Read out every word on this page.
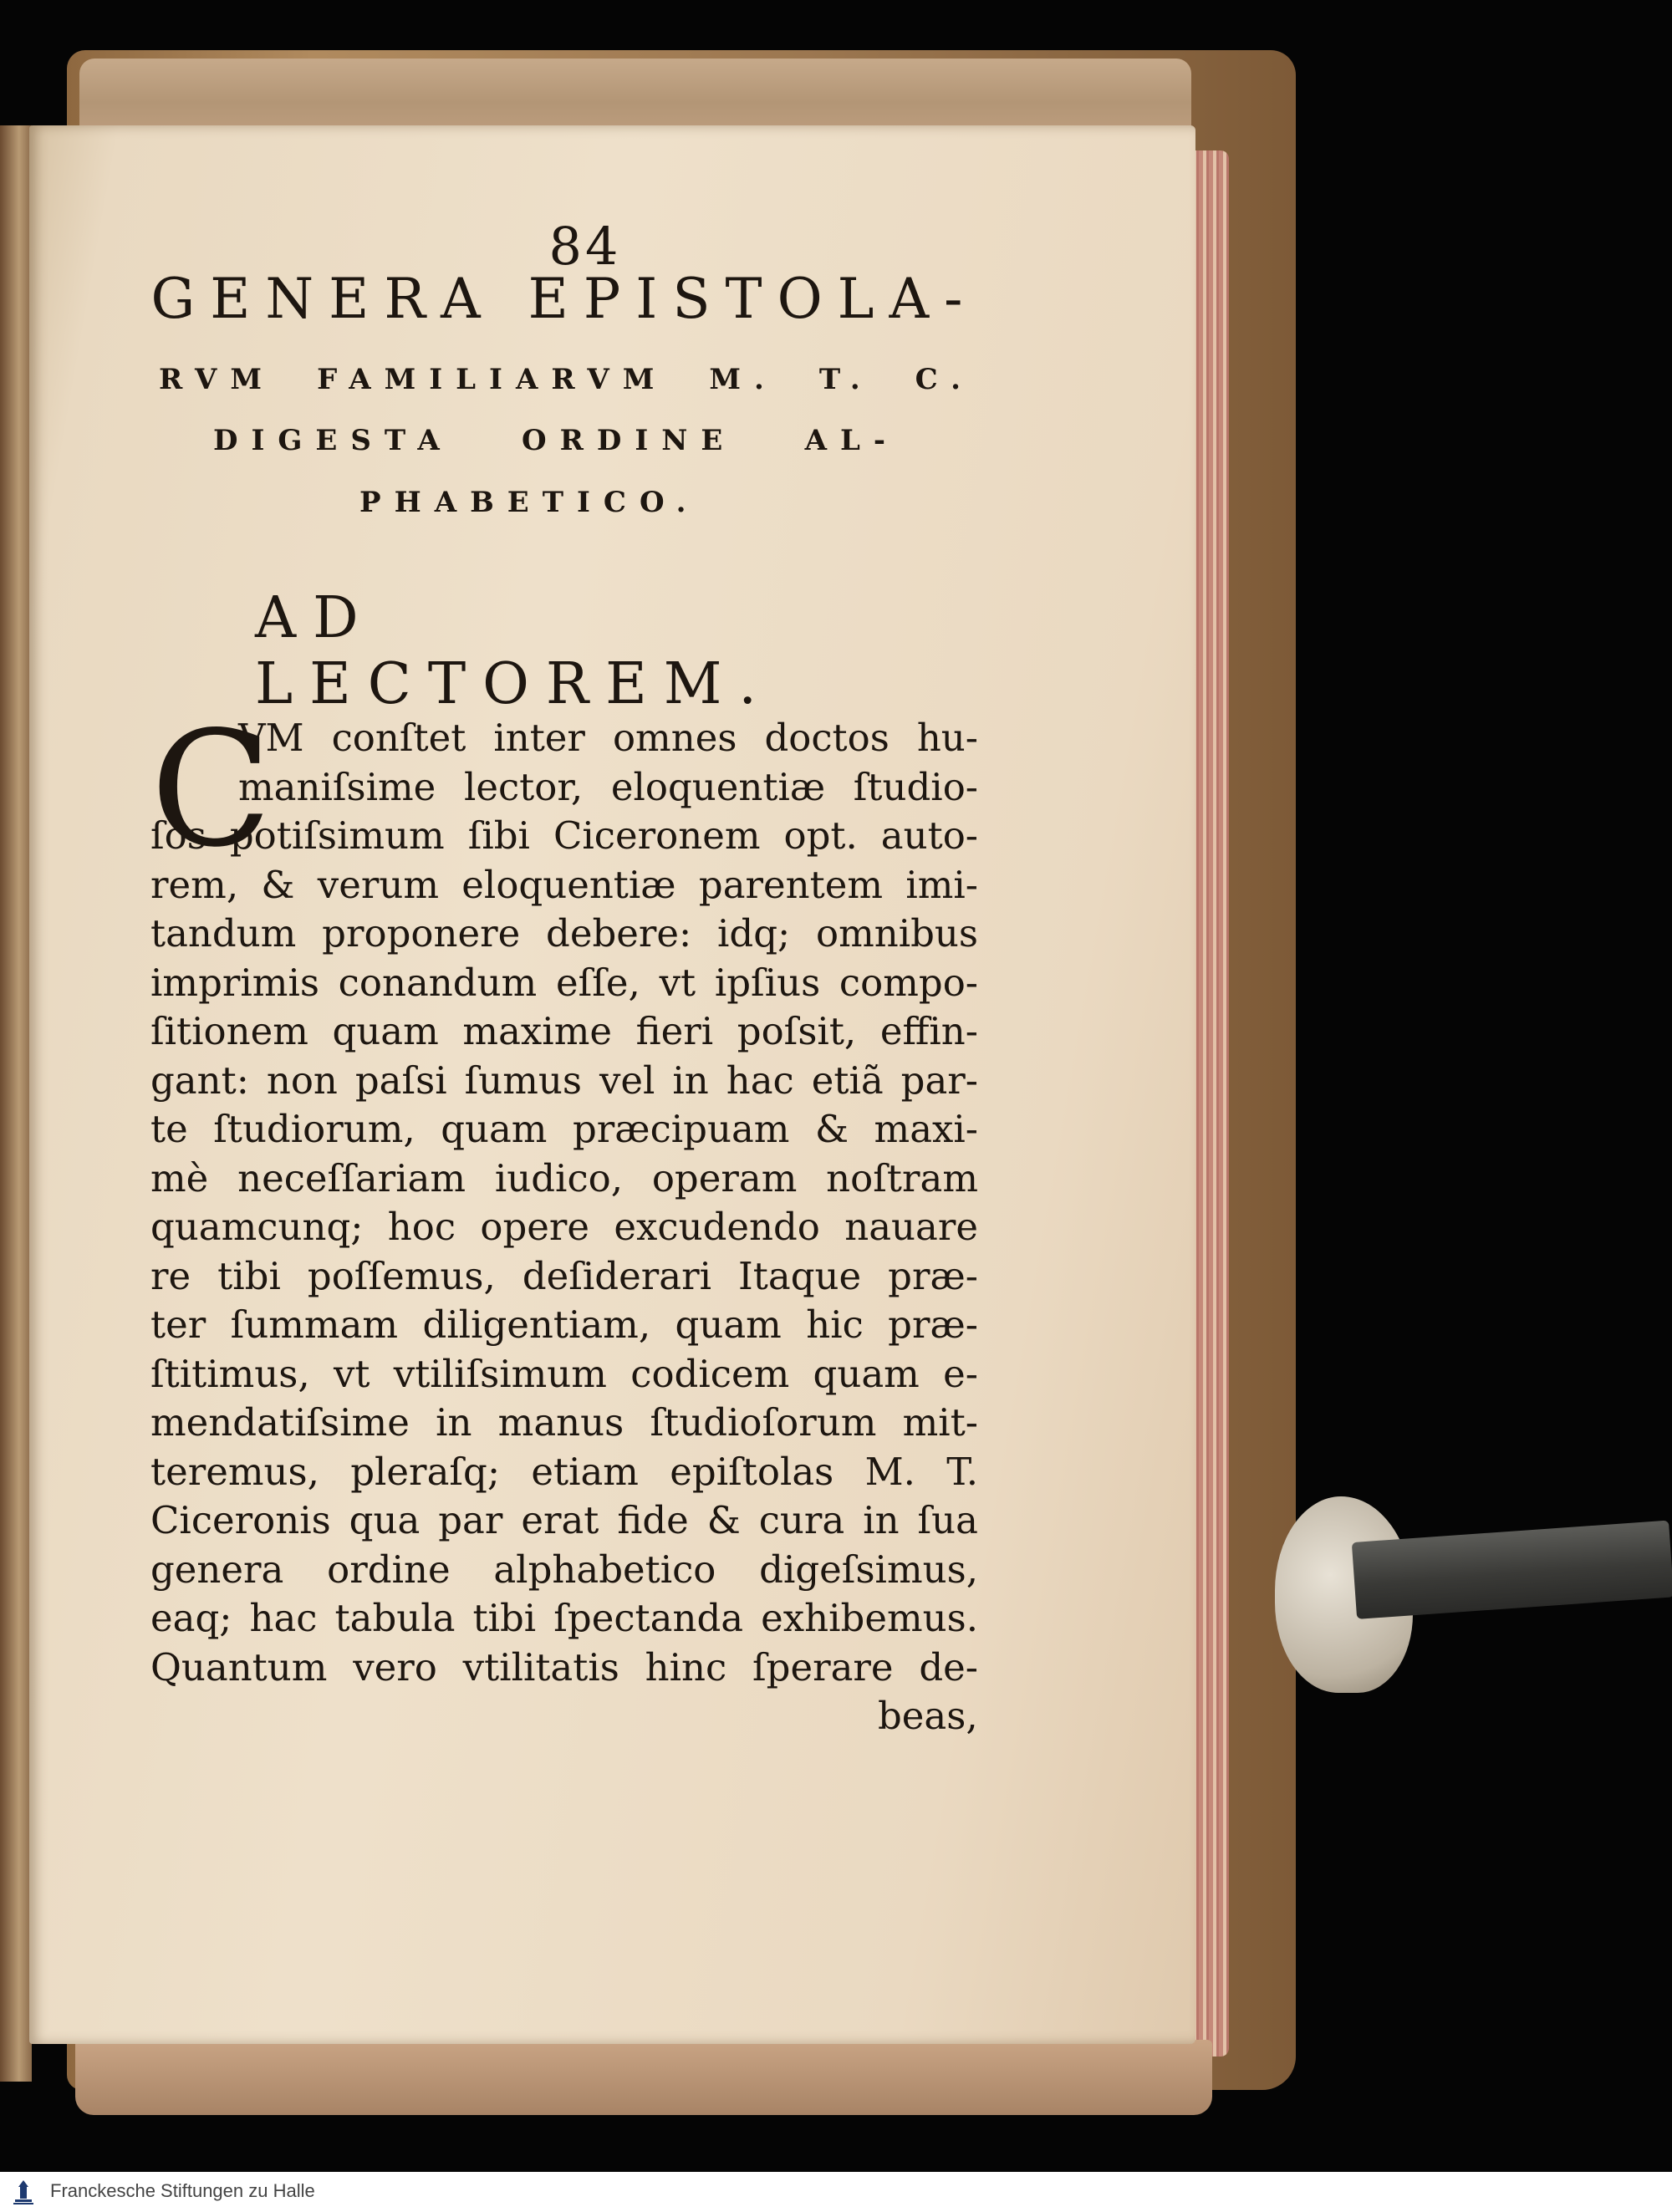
84
GENERA EPISTOLA-
RVM FAMILIARVM M. T. C.
DIGESTA ORDINE AL-
PHABETICO.
AD LECTOREM.
C
VM conſtet inter omnes doctos hu-
maniſsime lector, eloquentiæ ſtudio-
ſos potiſsimum ſibi Ciceronem opt. auto-
rem, & verum eloquentiæ parentem imi-
tandum proponere debere: idq; omnibus
imprimis conandum eſſe, vt ipſius compo-
ſitionem quam maxime fieri poſsit, effin-
gant: non paſsi ſumus vel in hac etiã par-
te ſtudiorum, quam præcipuam & maxi-
mè neceſſariam iudico, operam noſtram
quamcunq; hoc opere excudendo nauare
re tibi poſſemus, deſiderari Itaque præ-
ter ſummam diligentiam, quam hic præ-
ſtitimus, vt vtiliſsimum codicem quam e-
mendatiſsime in manus ſtudioſorum mit-
teremus, pleraſq; etiam epiſtolas M. T.
Ciceronis qua par erat fide & cura in ſua
genera ordine alphabetico digeſsimus,
eaq; hac tabula tibi ſpectanda exhibemus.
Quantum vero vtilitatis hinc ſperare de-
beas,
Franckesche Stiftungen zu Halle
